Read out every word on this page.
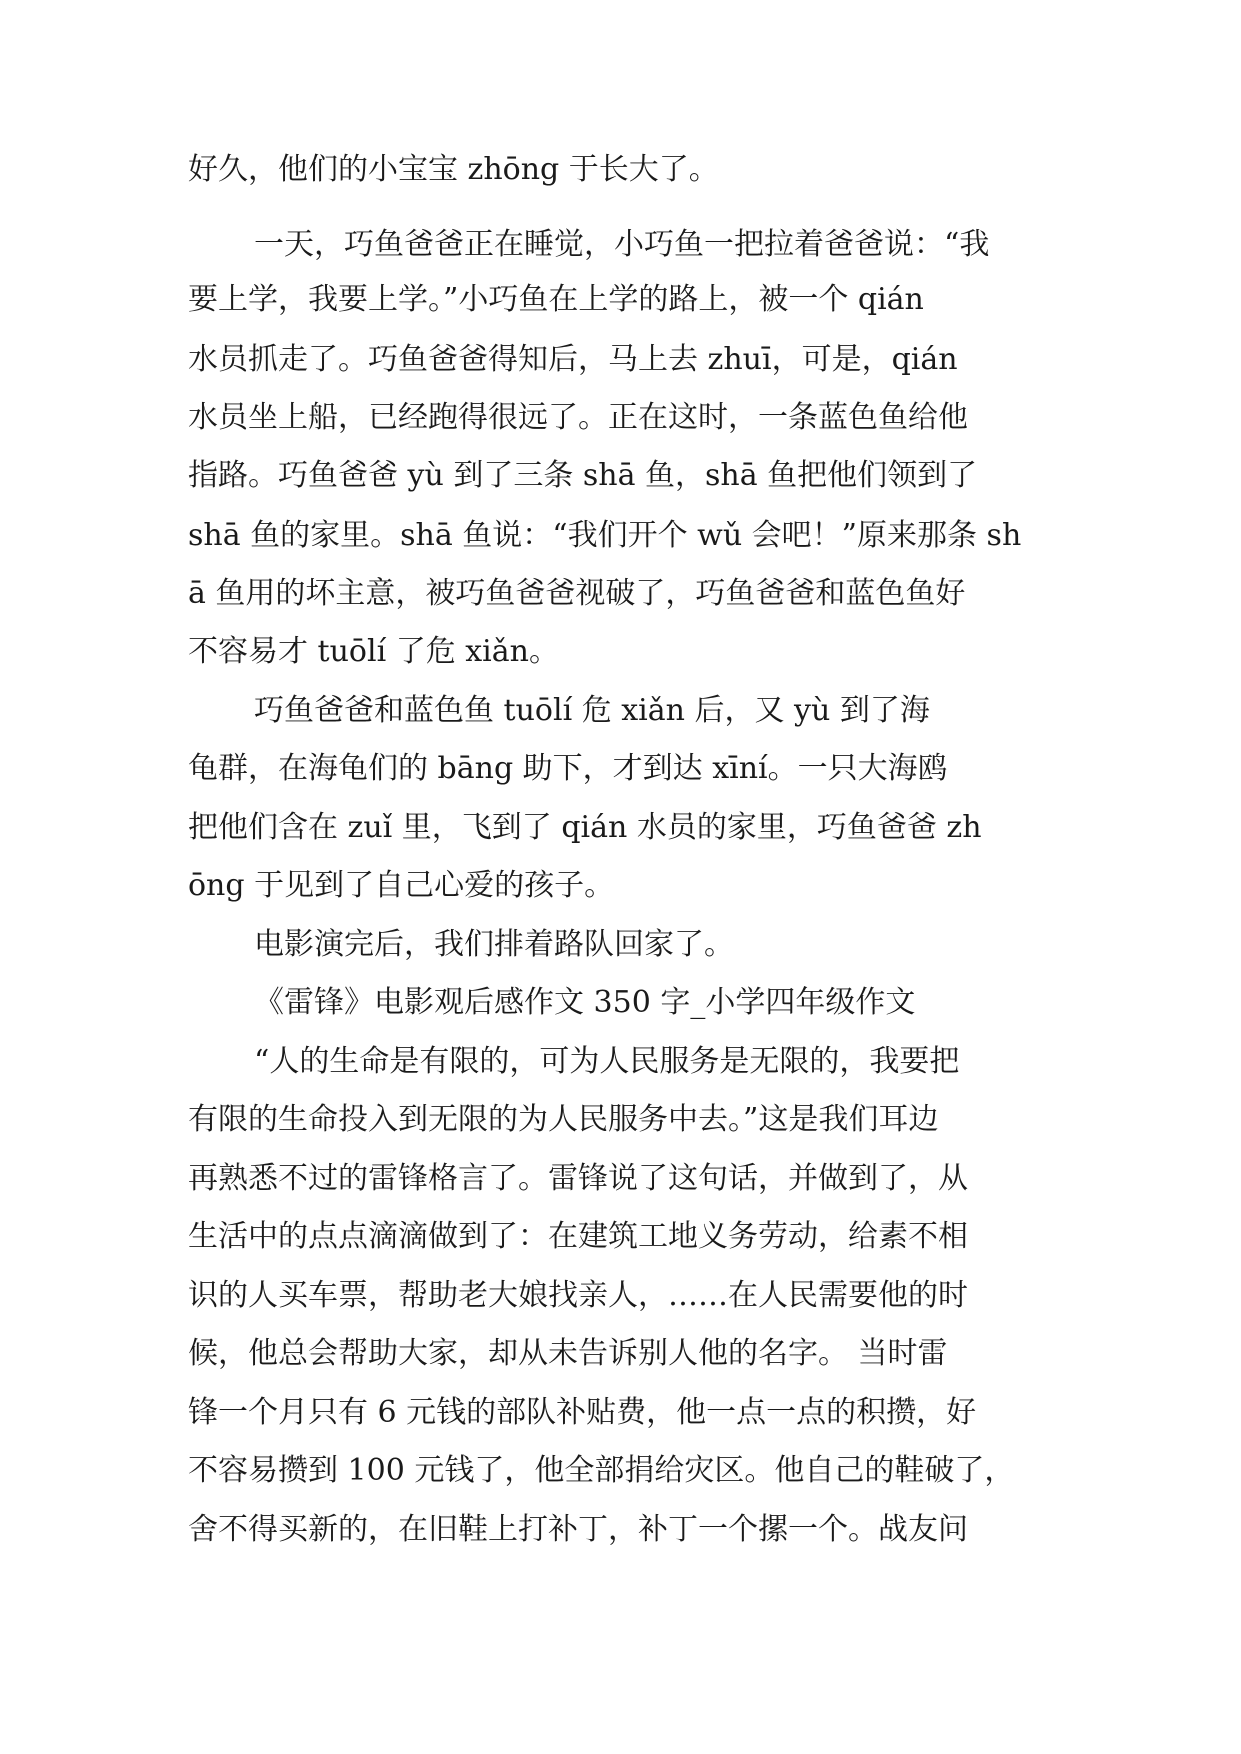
好久，他们的小宝宝 zhōng 于长大了。
一天，巧鱼爸爸正在睡觉，小巧鱼一把拉着爸爸说：“我
要上学，我要上学。”小巧鱼在上学的路上，被一个 qián
水员抓走了。巧鱼爸爸得知后，马上去 zhuī，可是，qián
水员坐上船，已经跑得很远了。正在这时，一条蓝色鱼给他
指路。巧鱼爸爸 yù 到了三条 shā 鱼，shā 鱼把他们领到了
shā 鱼的家里。shā 鱼说：“我们开个 wǔ 会吧！”原来那条 sh
ā 鱼用的坏主意，被巧鱼爸爸视破了，巧鱼爸爸和蓝色鱼好
不容易才 tuōlí 了危 xiǎn。
巧鱼爸爸和蓝色鱼 tuōlí 危 xiǎn 后，又 yù 到了海
龟群，在海龟们的 bāng 助下，才到达 xīní。一只大海鸥
把他们含在 zuǐ 里，飞到了 qián 水员的家里，巧鱼爸爸 zh
ōng 于见到了自己心爱的孩子。
电影演完后，我们排着路队回家了。
《雷锋》电影观后感作文 350 字_小学四年级作文
“人的生命是有限的，可为人民服务是无限的，我要把
有限的生命投入到无限的为人民服务中去。”这是我们耳边
再熟悉不过的雷锋格言了。雷锋说了这句话，并做到了，从
生活中的点点滴滴做到了：在建筑工地义务劳动，给素不相
识的人买车票，帮助老大娘找亲人，……在人民需要他的时
候，他总会帮助大家，却从未告诉别人他的名字。 当时雷
锋一个月只有 6 元钱的部队补贴费，他一点一点的积攒，好
不容易攒到 100 元钱了，他全部捐给灾区。他自己的鞋破了，
舍不得买新的，在旧鞋上打补丁，补丁一个摞一个。战友问
